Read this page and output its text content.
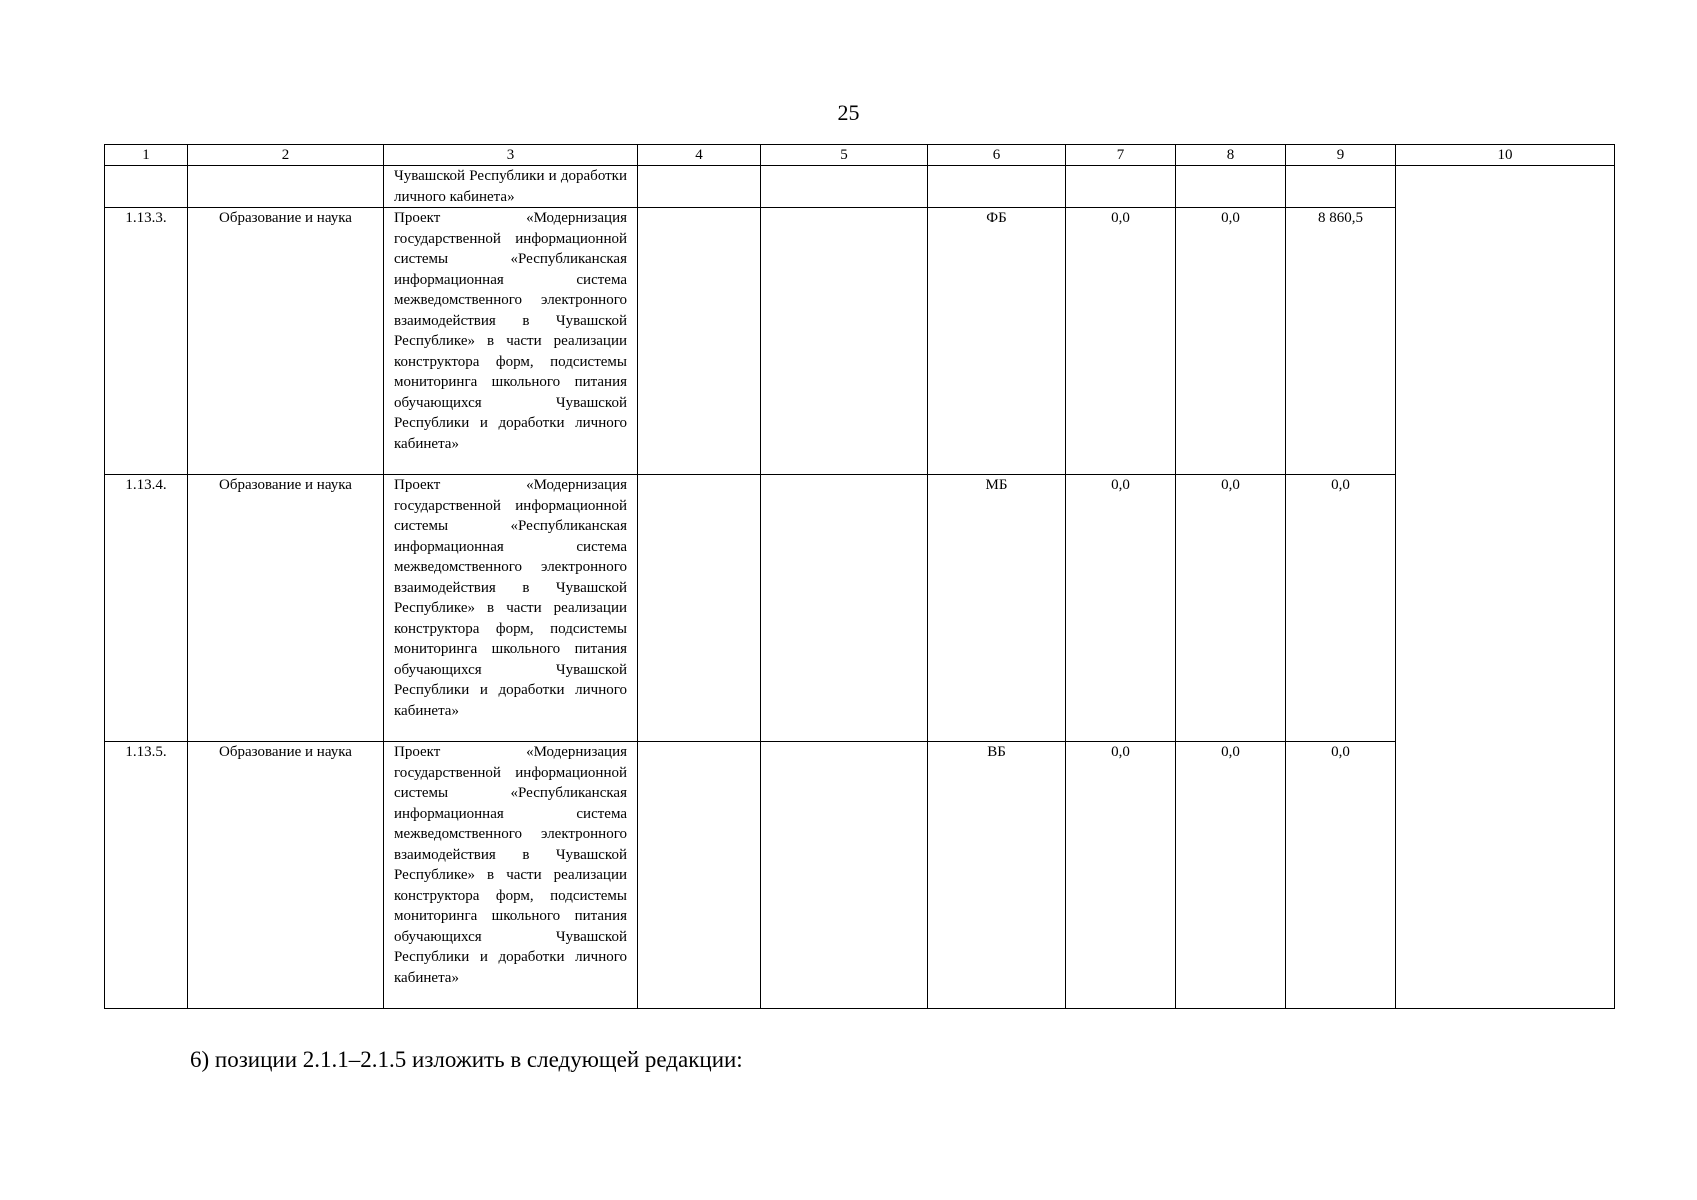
25
1	2	3	4	5	6	7	8	9	10
		Чувашской Республики и доработки личного кабинета»							
1.13.3.	Образование и наука	Проект «Модернизация государственной информационной системы «Республиканская информационная система межведомственного электронного взаимодействия в Чувашской Республике» в части реализации конструктора форм, подсистемы мониторинга школьного питания обучающихся Чувашской Республики и доработки личного кабинета»			ФБ	0,0	0,0	8 860,5	
1.13.4.	Образование и наука	Проект «Модернизация государственной информационной системы «Республиканская информационная система межведомственного электронного взаимодействия в Чувашской Республике» в части реализации конструктора форм, подсистемы мониторинга школьного питания обучающихся Чувашской Республики и доработки личного кабинета»			МБ	0,0	0,0	0,0	
1.13.5.	Образование и наука	Проект «Модернизация государственной информационной системы «Республиканская информационная система межведомственного электронного взаимодействия в Чувашской Республике» в части реализации конструктора форм, подсистемы мониторинга школьного питания обучающихся Чувашской Республики и доработки личного кабинета»			ВБ	0,0	0,0	0,0	
6) позиции 2.1.1–2.1.5 изложить в следующей редакции:
